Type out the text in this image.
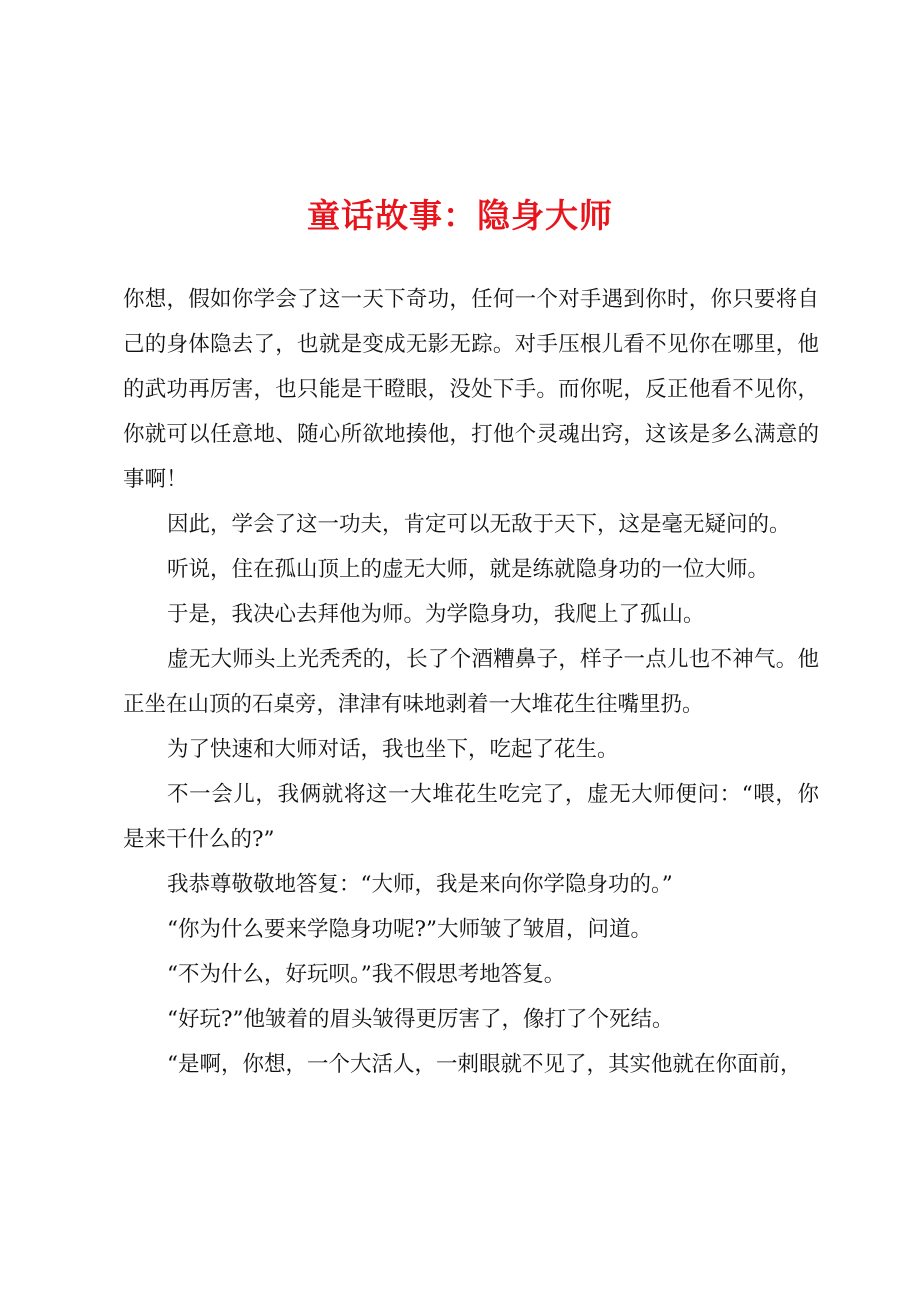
童话故事：隐身大师

你想，假如你学会了这一天下奇功，任何一个对手遇到你时，你只要将自己的身体隐去了，也就是变成无影无踪。对手压根儿看不见你在哪里，他的武功再厉害，也只能是干瞪眼，没处下手。而你呢，反正他看不见你，你就可以任意地、随心所欲地揍他，打他个灵魂出窍，这该是多么满意的事啊！

因此，学会了这一功夫，肯定可以无敌于天下，这是毫无疑问的。

听说，住在孤山顶上的虚无大师，就是练就隐身功的一位大师。

于是，我决心去拜他为师。为学隐身功，我爬上了孤山。

虚无大师头上光秃秃的，长了个酒糟鼻子，样子一点儿也不神气。他正坐在山顶的石桌旁，津津有味地剥着一大堆花生往嘴里扔。

为了快速和大师对话，我也坐下，吃起了花生。

不一会儿，我俩就将这一大堆花生吃完了，虚无大师便问：“喂，你是来干什么的?”

我恭尊敬敬地答复：“大师，我是来向你学隐身功的。”

“你为什么要来学隐身功呢?”大师皱了皱眉，问道。

“不为什么，好玩呗。”我不假思考地答复。

“好玩?”他皱着的眉头皱得更厉害了，像打了个死结。

“是啊，你想，一个大活人，一刺眼就不见了，其实他就在你面前，
